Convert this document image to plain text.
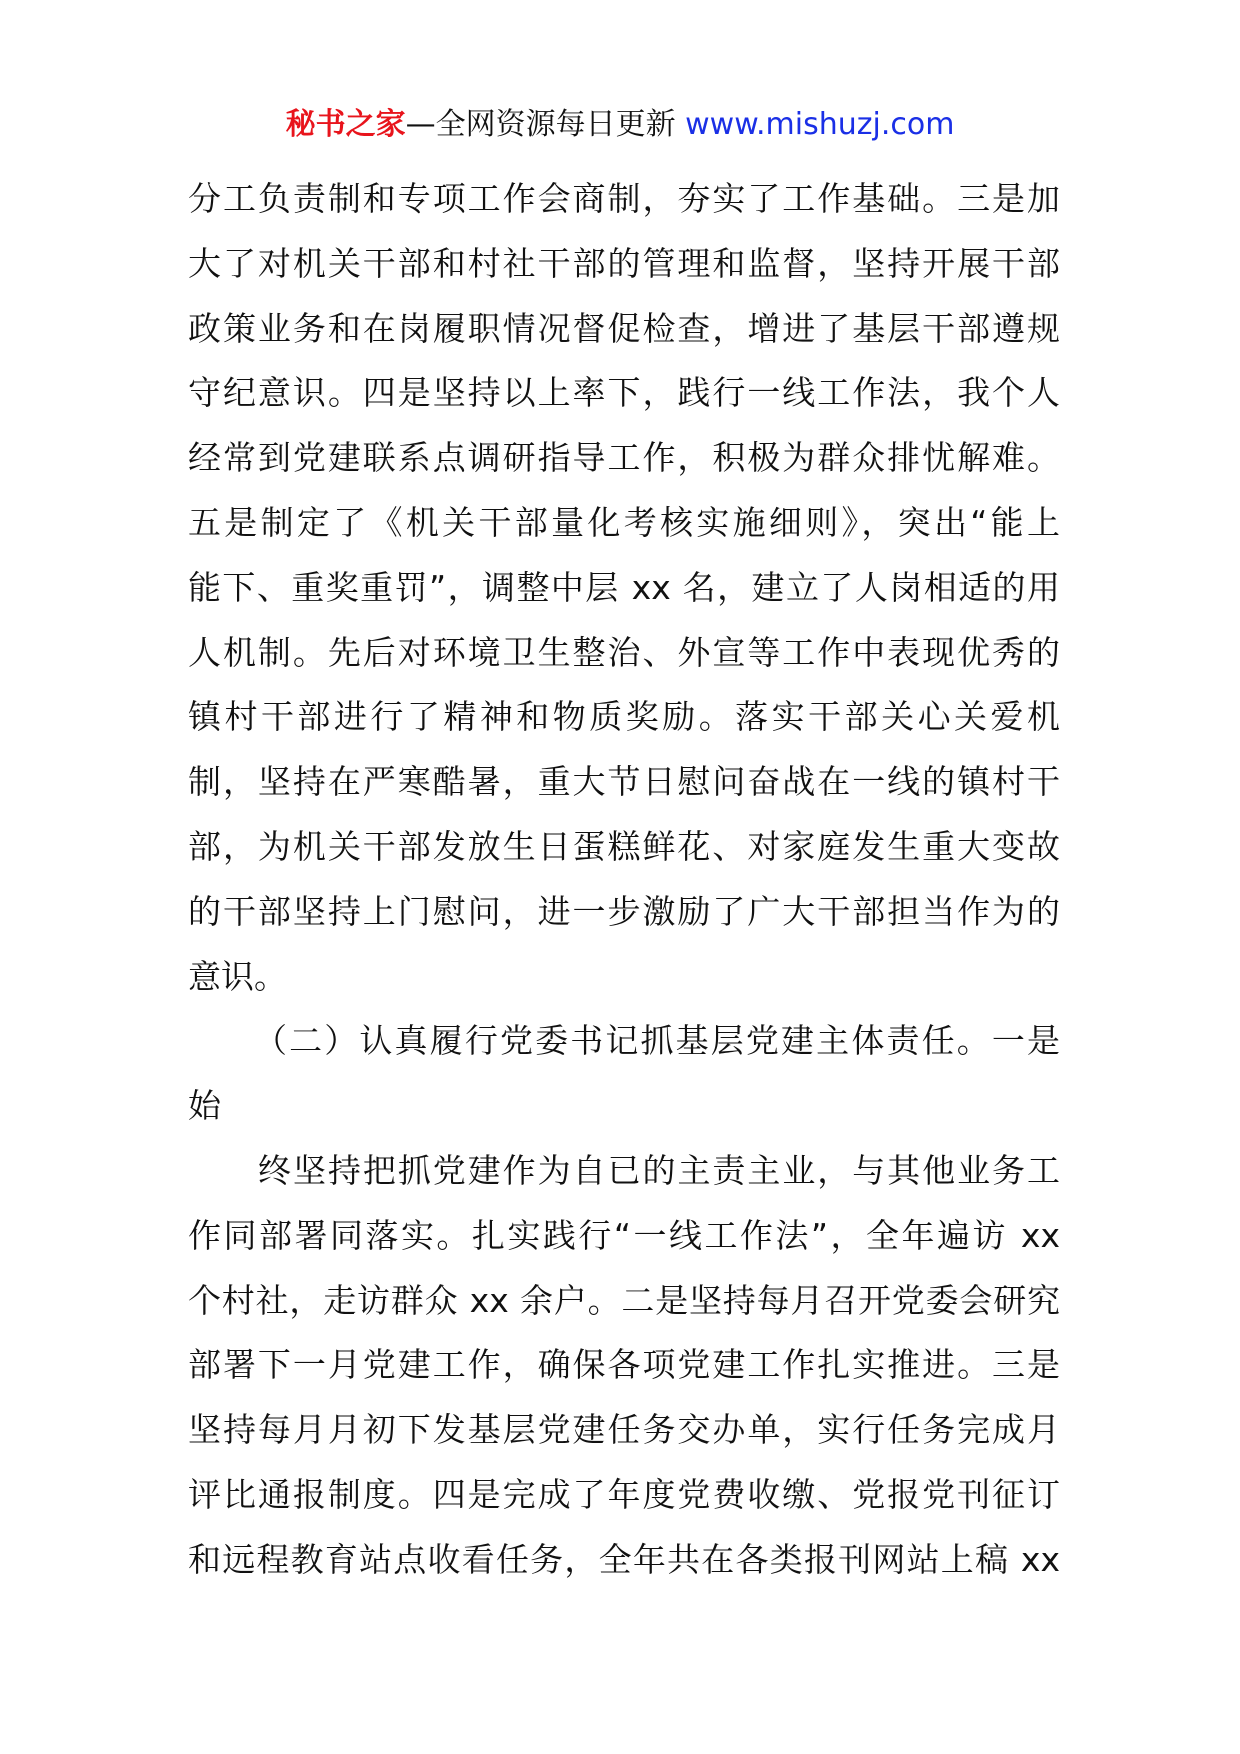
秘书之家—全网资源每日更新 www.mishuzj.com
分工负责制和专项工作会商制，夯实了工作基础。三是加
大了对机关干部和村社干部的管理和监督，坚持开展干部
政策业务和在岗履职情况督促检查，增进了基层干部遵规
守纪意识。四是坚持以上率下，践行一线工作法，我个人
经常到党建联系点调研指导工作，积极为群众排忧解难。
五是制定了《机关干部量化考核实施细则》，突出“能上
能下、重奖重罚”，调整中层 xx 名，建立了人岗相适的用
人机制。先后对环境卫生整治、外宣等工作中表现优秀的
镇村干部进行了精神和物质奖励。落实干部关心关爱机
制，坚持在严寒酷暑，重大节日慰问奋战在一线的镇村干
部，为机关干部发放生日蛋糕鲜花、对家庭发生重大变故
的干部坚持上门慰问，进一步激励了广大干部担当作为的
意识。
（二）认真履行党委书记抓基层党建主体责任。一是
始
终坚持把抓党建作为自已的主责主业，与其他业务工
作同部署同落实。扎实践行“一线工作法”，全年遍访 xx
个村社，走访群众 xx 余户。二是坚持每月召开党委会研究
部署下一月党建工作，确保各项党建工作扎实推进。三是
坚持每月月初下发基层党建任务交办单，实行任务完成月
评比通报制度。四是完成了年度党费收缴、党报党刊征订
和远程教育站点收看任务，全年共在各类报刊网站上稿 xx
